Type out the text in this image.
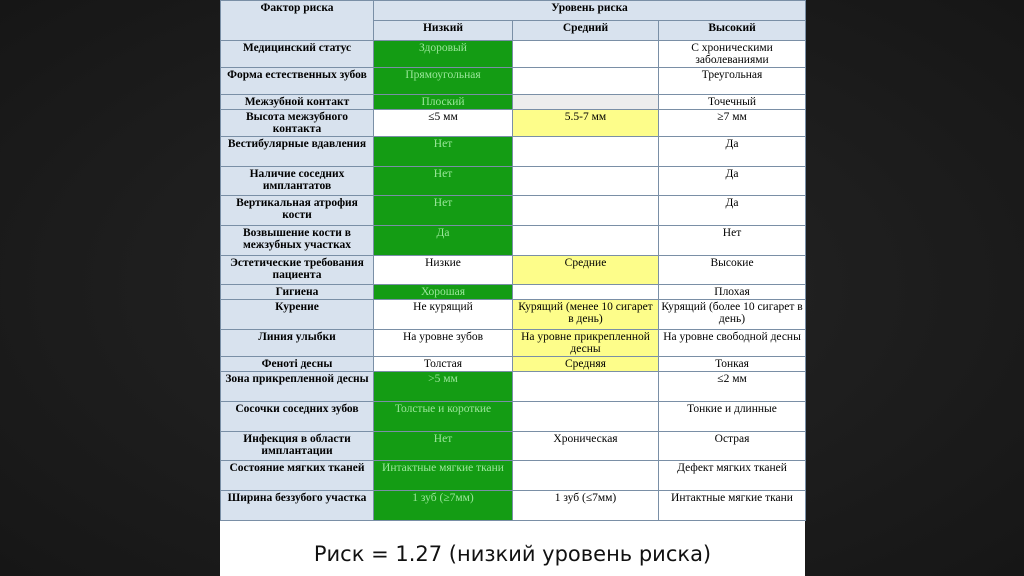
Фактор риска	Уровень риска		
	Низкий	Средний	Высокий
Медицинский статус	Здоровый		С хроническими заболеваниями
Форма естественных зубов	Прямоугольная		Треугольная
Межзубной контакт	Плоский		Точечный
Высота межзубного контакта	≤5 мм	5.5-7 мм	≥7 мм
Вестибулярные вдавления	Нет		Да
Наличие соседних имплантатов	Нет		Да
Вертикальная атрофия кости	Нет		Да
Возвышение кости в межзубных участках	Да		Нет
Эстетические требования пациента	Низкие	Средние	Высокие
Гигиена	Хорошая		Плохая
Курение	Не курящий	Курящий (менее 10 сигарет в день)	Курящий (более 10 сигарет в день)
Линия улыбки	На уровне зубов	На уровне прикрепленной десны	На уровне свободной десны
Фенотi десны	Толстая	Средняя	Тонкая
Зона прикрепленной десны	>5 мм		≤2 мм
Сосочки соседних зубов	Толстые и короткие		Тонкие и длинные
Инфекция в области имплантации	Нет	Хроническая	Острая
Состояние мягких тканей	Интактные мягкие ткани		Дефект мягких тканей
Ширина беззубого участка	1 зуб (≥7мм)	1 зуб (≤7мм)	Интактные мягкие ткани
Риск = 1.27 (низкий уровень риска)
